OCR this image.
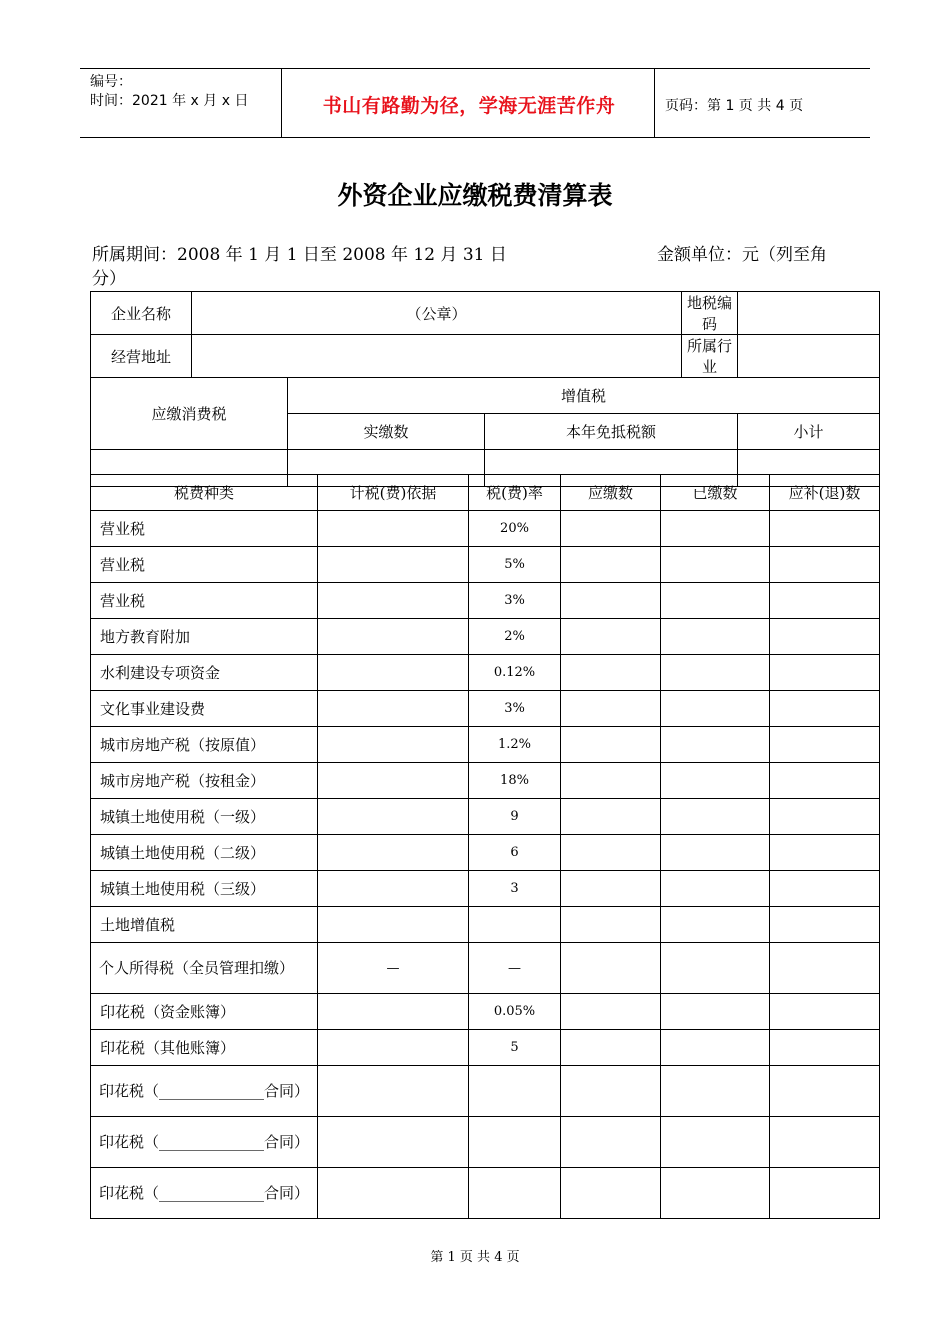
编号：
时间：2021 年 x 月 x 日	书山有路勤为径，学海无涯苦作舟	页码：第 1 页 共 4 页
外资企业应缴税费清算表
所属期间：2008 年 1 月 1 日至 2008 年 12 月 31 日	金额单位：元（列至角
分）
企业名称	（公章）			地税编码	
经营地址				所属行业	
应缴消费税		增值税			
		实缴数	本年免抵税额		小计

税费种类	计税(费)依据	税(费)率	应缴数	已缴数	应补(退)数
营业税		20%			
营业税		5%			
营业税		3%			
地方教育附加		2%			
水利建设专项资金		0.12%			
文化事业建设费		3%			
城市房地产税（按原值）		1.2%			
城市房地产税（按租金）		18%			
城镇土地使用税（一级）		9			
城镇土地使用税（二级）		6			
城镇土地使用税（三级）		3			
土地增值税					
个人所得税（全员管理扣缴）	—	—			
印花税（资金账簿）		0.05%			
印花税（其他账簿）		5			
印花税（______________合同）					
印花税（______________合同）					
印花税（______________合同）					
第 1 页 共 4 页
